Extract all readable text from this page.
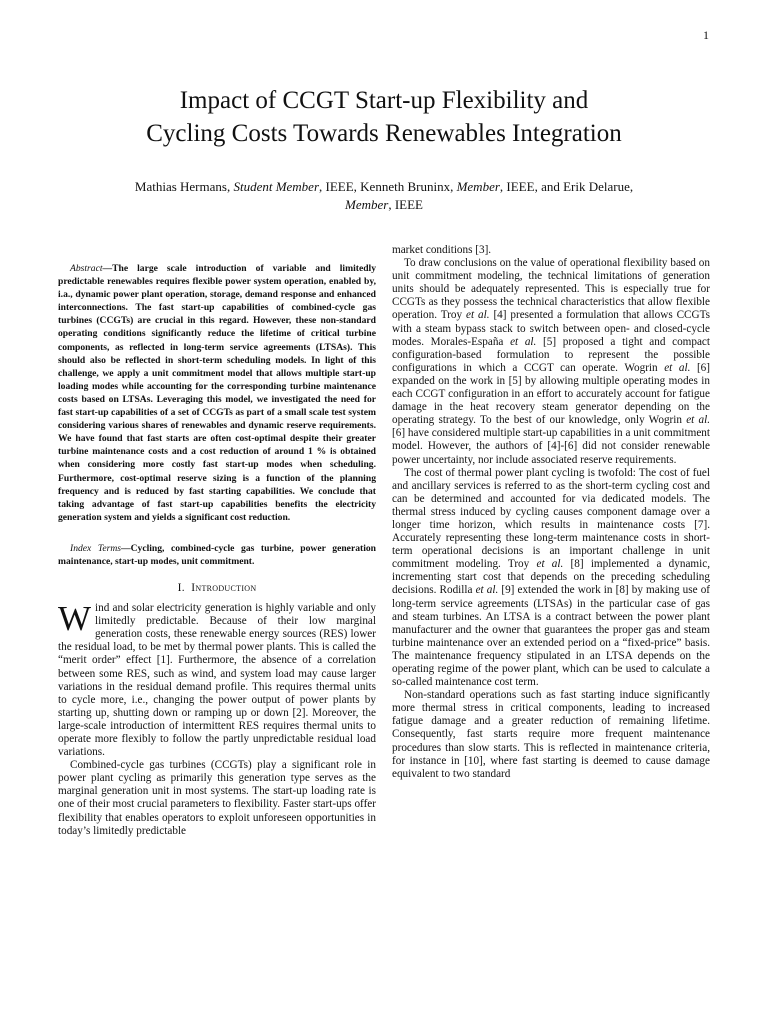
1
Impact of CCGT Start-up Flexibility and
Cycling Costs Towards Renewables Integration
Mathias Hermans, Student Member, IEEE, Kenneth Bruninx, Member, IEEE, and Erik Delarue,
Member, IEEE

Abstract—The large scale introduction of variable and limitedly predictable renewables requires flexible power system operation, enabled by, i.a., dynamic power plant operation, storage, demand response and enhanced interconnections. The fast start-up capabilities of combined-cycle gas turbines (CCGTs) are crucial in this regard. However, these non-standard operating conditions significantly reduce the lifetime of critical turbine components, as reflected in long-term service agreements (LTSAs). This should also be reflected in short-term scheduling models. In light of this challenge, we apply a unit commitment model that allows multiple start-up loading modes while accounting for the corresponding turbine maintenance costs based on LTSAs. Leveraging this model, we investigated the need for fast start-up capabilities of a set of CCGTs as part of a small scale test system considering various shares of renewables and dynamic reserve requirements. We have found that fast starts are often cost-optimal despite their greater turbine maintenance costs and a cost reduction of around 1 % is obtained when considering more costly fast start-up modes when scheduling. Furthermore, cost-optimal reserve sizing is a function of the planning frequency and is reduced by fast starting capabilities. We conclude that taking advantage of fast start-up capabilities benefits the electricity generation system and yields a significant cost reduction.

Index Terms—Cycling, combined-cycle gas turbine, power generation maintenance, start-up modes, unit commitment.

I. Introduction

Wind and solar electricity generation is highly variable and only limitedly predictable. Because of their low marginal generation costs, these renewable energy sources (RES) lower the residual load, to be met by thermal power plants. This is called the “merit order” effect [1]. Furthermore, the absence of a correlation between some RES, such as wind, and system load may cause larger variations in the residual demand profile. This requires thermal units to cycle more, i.e., changing the power output of power plants by starting up, shutting down or ramping up or down [2]. Moreover, the large-scale introduction of intermittent RES requires thermal units to operate more flexibly to follow the partly unpredictable residual load variations.

Combined-cycle gas turbines (CCGTs) play a significant role in power plant cycling as primarily this generation type serves as the marginal generation unit in most systems. The start-up loading rate is one of their most crucial parameters to flexibility. Faster start-ups offer flexibility that enables operators to exploit unforeseen opportunities in today’s limitedly predictable

market conditions [3].

To draw conclusions on the value of operational flexibility based on unit commitment modeling, the technical limitations of generation units should be adequately represented. This is especially true for CCGTs as they possess the technical characteristics that allow flexible operation. Troy et al. [4] presented a formulation that allows CCGTs with a steam bypass stack to switch between open- and closed-cycle modes. Morales-España et al. [5] proposed a tight and compact configuration-based formulation to represent the possible configurations in which a CCGT can operate. Wogrin et al. [6] expanded on the work in [5] by allowing multiple operating modes in each CCGT configuration in an effort to accurately account for fatigue damage in the heat recovery steam generator depending on the operating strategy. To the best of our knowledge, only Wogrin et al. [6] have considered multiple start-up capabilities in a unit commitment model. However, the authors of [4]-[6] did not consider renewable power uncertainty, nor include associated reserve requirements.

The cost of thermal power plant cycling is twofold: The cost of fuel and ancillary services is referred to as the short-term cycling cost and can be determined and accounted for via dedicated models. The thermal stress induced by cycling causes component damage over a longer time horizon, which results in maintenance costs [7]. Accurately representing these long-term maintenance costs in short-term operational decisions is an important challenge in unit commitment modeling. Troy et al. [8] implemented a dynamic, incrementing start cost that depends on the preceding scheduling decisions. Rodilla et al. [9] extended the work in [8] by making use of long-term service agreements (LTSAs) in the particular case of gas and steam turbines. An LTSA is a contract between the power plant manufacturer and the owner that guarantees the proper gas and steam turbine maintenance over an extended period on a “fixed-price” basis. The maintenance frequency stipulated in an LTSA depends on the operating regime of the power plant, which can be used to calculate a so-called maintenance cost term.

Non-standard operations such as fast starting induce significantly more thermal stress in critical components, leading to increased fatigue damage and a greater reduction of remaining lifetime. Consequently, fast starts require more frequent maintenance procedures than slow starts. This is reflected in maintenance criteria, for instance in [10], where fast starting is deemed to cause damage equivalent to two standard
